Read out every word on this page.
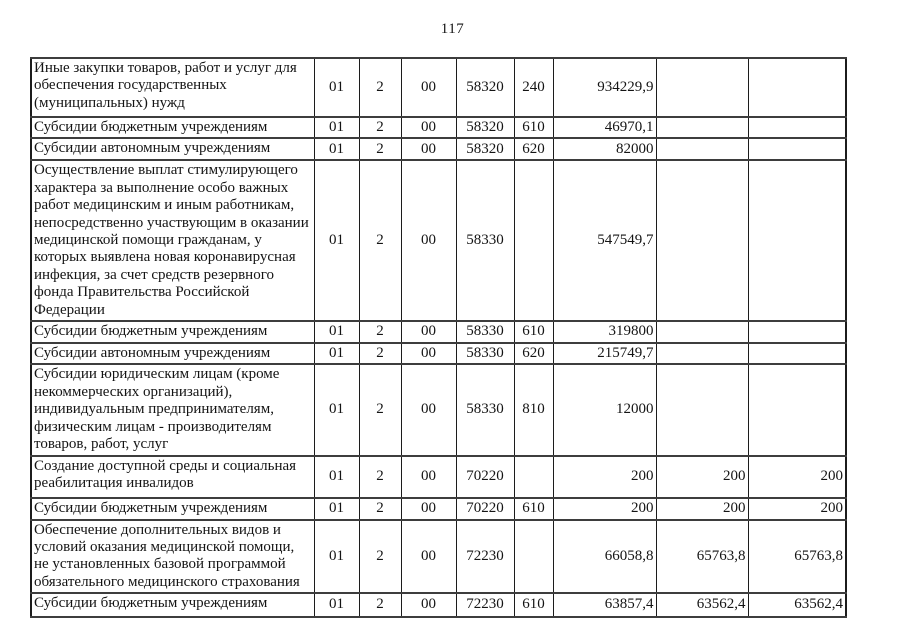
117
Иные закупки товаров, работ и услуг для обеспечения государственных (муниципальных) нужд	01	2	00	58320	240	934229,9		
Субсидии бюджетным учреждениям	01	2	00	58320	610	46970,1		
Субсидии автономным учреждениям	01	2	00	58320	620	82000		
Осуществление выплат стимулирующего характера за выполнение особо важных работ медицинским и иным работникам, непосредственно участвующим в оказании медицинской помощи гражданам, у которых выявлена новая коронавирусная инфекция, за счет средств резервного фонда Правительства Российской Федерации	01	2	00	58330		547549,7		
Субсидии бюджетным учреждениям	01	2	00	58330	610	319800		
Субсидии автономным учреждениям	01	2	00	58330	620	215749,7		
Субсидии юридическим лицам (кроме некоммерческих организаций), индивидуальным предпринимателям, физическим лицам - производителям товаров, работ, услуг	01	2	00	58330	810	12000		
Создание доступной среды и социальная реабилитация инвалидов	01	2	00	70220		200	200	200
Субсидии бюджетным учреждениям	01	2	00	70220	610	200	200	200
Обеспечение дополнительных видов и условий оказания медицинской помощи, не установленных базовой программой обязательного медицинского страхования	01	2	00	72230		66058,8	65763,8	65763,8
Субсидии бюджетным учреждениям	01	2	00	72230	610	63857,4	63562,4	63562,4
